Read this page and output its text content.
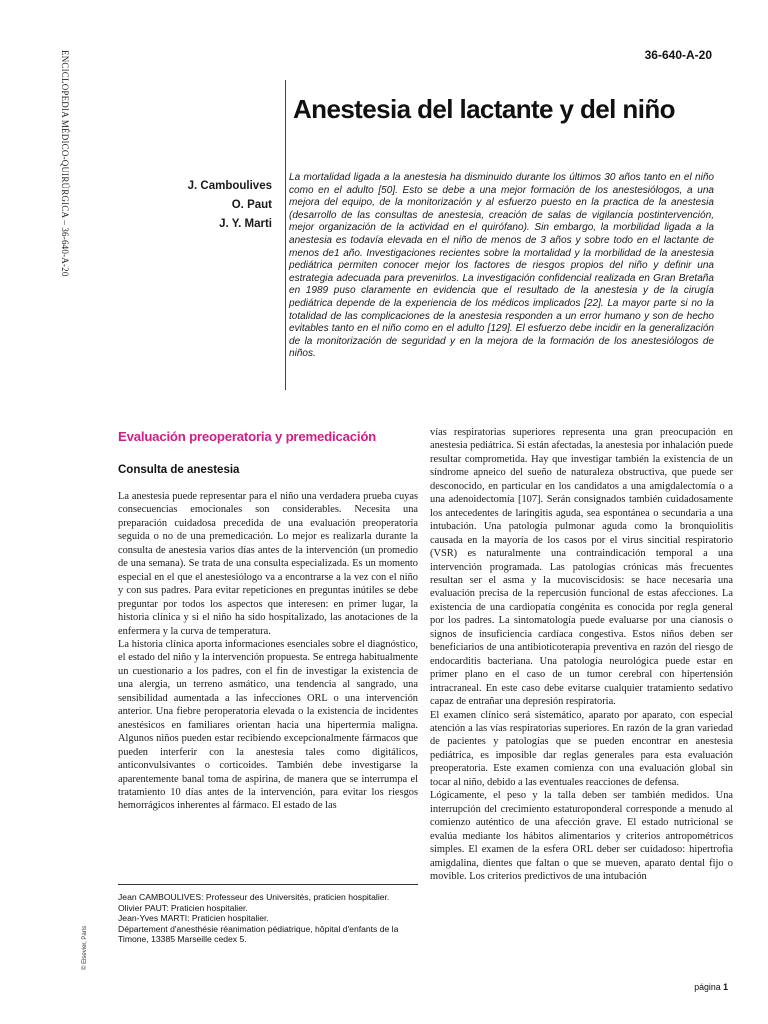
ENCICLOPEDIA MÉDICO-QUIRÚRGICA – 36-640-A-20
© Elsevier, Paris
36-640-A-20
Anestesia del lactante y del niño
J. Camboulives
O. Paut
J. Y. Marti
La mortalidad ligada a la anestesia ha disminuido durante los últimos 30 años tanto en el niño como en el adulto [50]. Esto se debe a una mejor formación de los anestesiólogos, a una mejora del equipo, de la monitorización y al esfuerzo puesto en la practica de la anestesia (desarrollo de las consultas de anestesia, creación de salas de vigilancia postintervención, mejor organización de la actividad en el quirófano). Sin embargo, la morbilidad ligada a la anestesia es todavía elevada en el niño de menos de 3 años y sobre todo en el lactante de menos de1 año. Investigaciones recientes sobre la mortalidad y la morbilidad de la anestesia pediátrica permiten conocer mejor los factores de riesgos propios del niño y definir una estrategia adecuada para prevenirlos. La investigación confidencial realizada en Gran Bretaña en 1989 puso claramente en evidencia que el resultado de la anestesia y de la cirugía pediátrica depende de la experiencia de los médicos implicados [22]. La mayor parte si no la totalidad de las complicaciones de la anestesia responden a un error humano y son de hecho evitables tanto en el niño como en el adulto [129]. El esfuerzo debe incidir en la generalización de la monitorización de seguridad y en la mejora de la formación de los anestesiólogos de niños.
Evaluación preoperatoria y premedicación
Consulta de anestesia

La anestesia puede representar para el niño una verdadera prueba cuyas consecuencias emocionales son considerables. Necesita una preparación cuidadosa precedida de una evaluación preoperatoria seguida o no de una premedicación. Lo mejor es realizarla durante la consulta de anestesia varios días antes de la intervención (un promedio de una semana). Se trata de una consulta especializada. Es un momento especial en el que el anestesiólogo va a encontrarse a la vez con el niño y con sus padres. Para evitar repeticiones en preguntas inútiles se debe preguntar por todos los aspectos que interesen: en primer lugar, la historia clínica y si el niño ha sido hospitalizado, las anotaciones de la enfermera y la curva de temperatura.

La historia clínica aporta informaciones esenciales sobre el diagnóstico, el estado del niño y la intervención propuesta. Se entrega habitualmente un cuestionario a los padres, con el fin de investigar la existencia de una alergia, un terreno asmático, una tendencia al sangrado, una sensibilidad aumentada a las infecciones ORL o una intervención anterior. Una fiebre peroperatoria elevada o la existencia de incidentes anestésicos en familiares orientan hacia una hipertermia maligna. Algunos niños pueden estar recibiendo excepcionalmente fármacos que pueden interferir con la anestesia tales como digitálicos, anticonvulsivantes o corticoides. También debe investigarse la aparentemente banal toma de aspirina, de manera que se interrumpa el tratamiento 10 días antes de la intervención, para evitar los riesgos hemorrágicos inherentes al fármaco. El estado de las

vías respiratorias superiores representa una gran preocupación en anestesia pediátrica. Si están afectadas, la anestesia por inhalación puede resultar comprometida. Hay que investigar también la existencia de un síndrome apneico del sueño de naturaleza obstructiva, que puede ser desconocido, en particular en los candidatos a una amigdalectomía o a una adenoidectomía [107]. Serán consignados también cuidadosamente los antecedentes de laringitis aguda, sea espontánea o secundaria a una intubación. Una patología pulmonar aguda como la bronquiolitis causada en la mayoría de los casos por el virus sincitial respiratorio (VSR) es naturalmente una contraindicación temporal a una intervención programada. Las patologías crónicas más frecuentes resultan ser el asma y la mucoviscidosis: se hace necesaria una evaluación precisa de la repercusión funcional de estas afecciones. La existencia de una cardiopatía congénita es conocida por regla general por los padres. La sintomatología puede evaluarse por una cianosis o signos de insuficiencia cardíaca congestiva. Estos niños deben ser beneficiarios de una antibioticoterapia preventiva en razón del riesgo de endocarditis bacteriana. Una patología neurológica puede estar en primer plano en el caso de un tumor cerebral con hipertensión intracraneal. En este caso debe evitarse cualquier tratamiento sedativo capaz de entrañar una depresión respiratoria.

El examen clínico será sistemático, aparato por aparato, con especial atención a las vías respiratorias superiores. En razón de la gran variedad de pacientes y patologías que se pueden encontrar en anestesia pediátrica, es imposible dar reglas generales para esta evaluación preoperatoria. Este examen comienza con una evaluación global sin tocar al niño, debido a las eventuales reacciones de defensa.

Lógicamente, el peso y la talla deben ser también medidos. Una interrupción del crecimiento estaturoponderal corresponde a menudo al comienzo auténtico de una afección grave. El estado nutricional se evalúa mediante los hábitos alimentarios y criterios antropométricos simples. El examen de la esfera ORL deber ser cuidadoso: hipertrofia amigdalina, dientes que faltan o que se mueven, aparato dental fijo o movible. Los criterios predictivos de una intubación

Jean CAMBOULIVES: Professeur des Universités, praticien hospitalier.

Olivier PAUT: Praticien hospitalier.

Jean-Yves MARTI: Praticien hospitalier.

Département d'anesthésie réanimation pédiatrique, hôpital d'enfants de la Timone, 13385 Marseille cedex 5.

página 1
